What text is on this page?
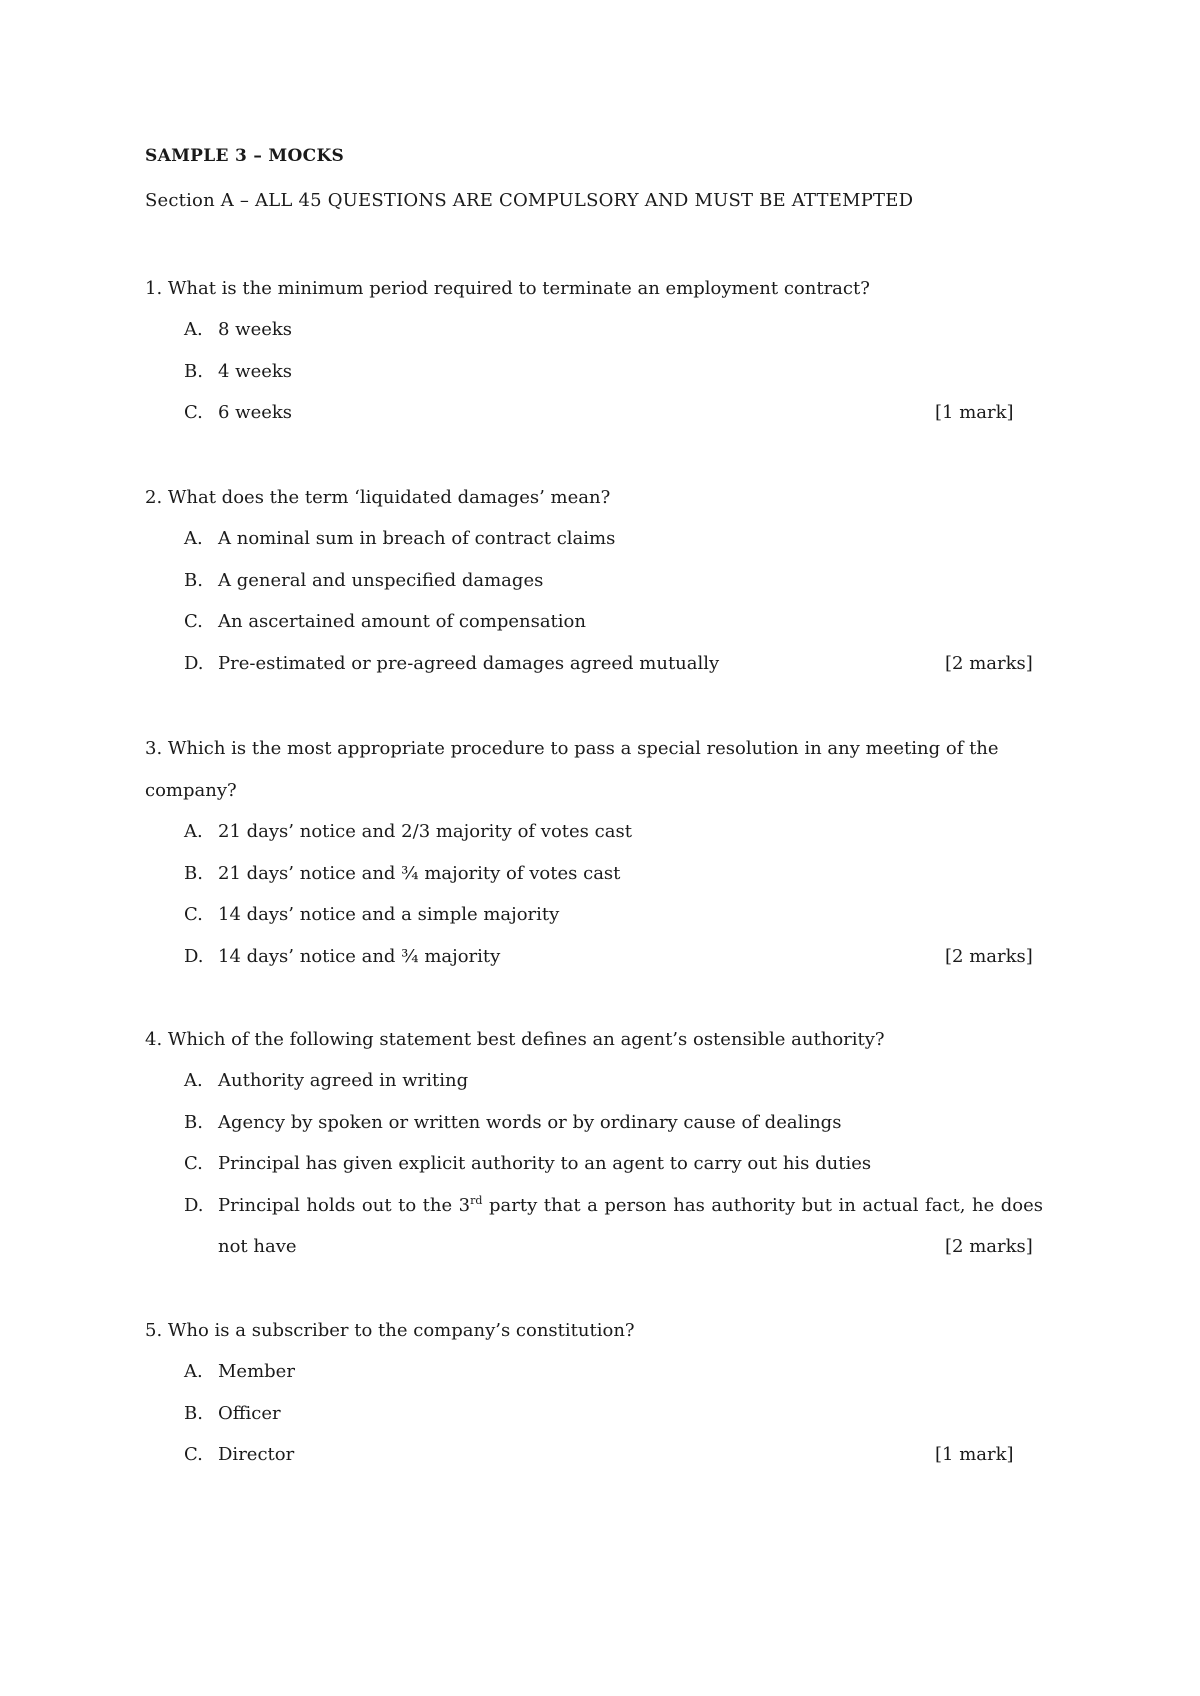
SAMPLE 3 – MOCKS
Section A – ALL 45 QUESTIONS ARE COMPULSORY AND MUST BE ATTEMPTED
1. What is the minimum period required to terminate an employment contract?
A. 8 weeks
B. 4 weeks
C. 6 weeks	[1 mark]
2. What does the term ‘liquidated damages’ mean?
A. A nominal sum in breach of contract claims
B. A general and unspecified damages
C. An ascertained amount of compensation
D. Pre-estimated or pre-agreed damages agreed mutually	[2 marks]
3. Which is the most appropriate procedure to pass a special resolution in any meeting of the company?
A. 21 days’ notice and 2/3 majority of votes cast
B. 21 days’ notice and ¾ majority of votes cast
C. 14 days’ notice and a simple majority
D. 14 days’ notice and ¾ majority	[2 marks]
4. Which of the following statement best defines an agent’s ostensible authority?
A. Authority agreed in writing
B. Agency by spoken or written words or by ordinary cause of dealings
C. Principal has given explicit authority to an agent to carry out his duties
D. Principal holds out to the 3rd party that a person has authority but in actual fact, he does not have	[2 marks]
5. Who is a subscriber to the company’s constitution?
A. Member
B. Officer
C. Director	[1 mark]
